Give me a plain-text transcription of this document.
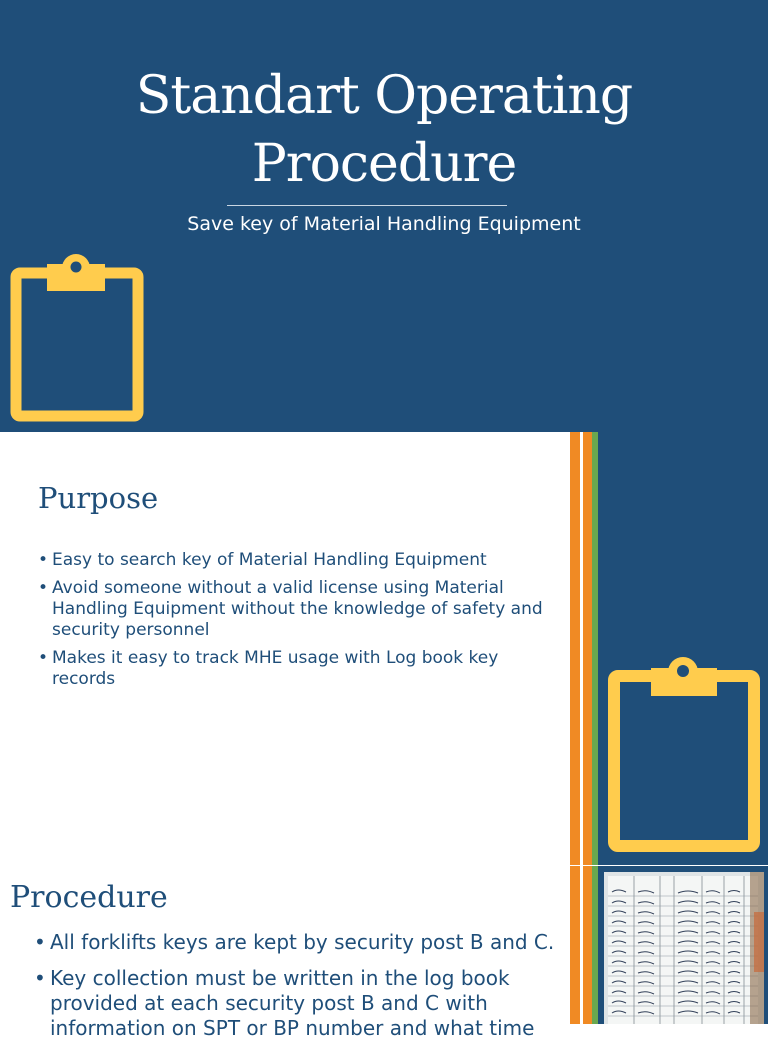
Standart Operating
Procedure
Save key of Material Handling Equipment
Purpose
• Easy to search key of Material Handling Equipment
• Avoid someone without a valid license using Material Handling Equipment without the knowledge of safety and security personnel
• Makes it easy to track MHE usage with Log book key records
Procedure
• All forklifts keys are kept by security post B and C.
• Key collection must be written in the log book provided at each security post B and C with information on SPT or BP number and what time
